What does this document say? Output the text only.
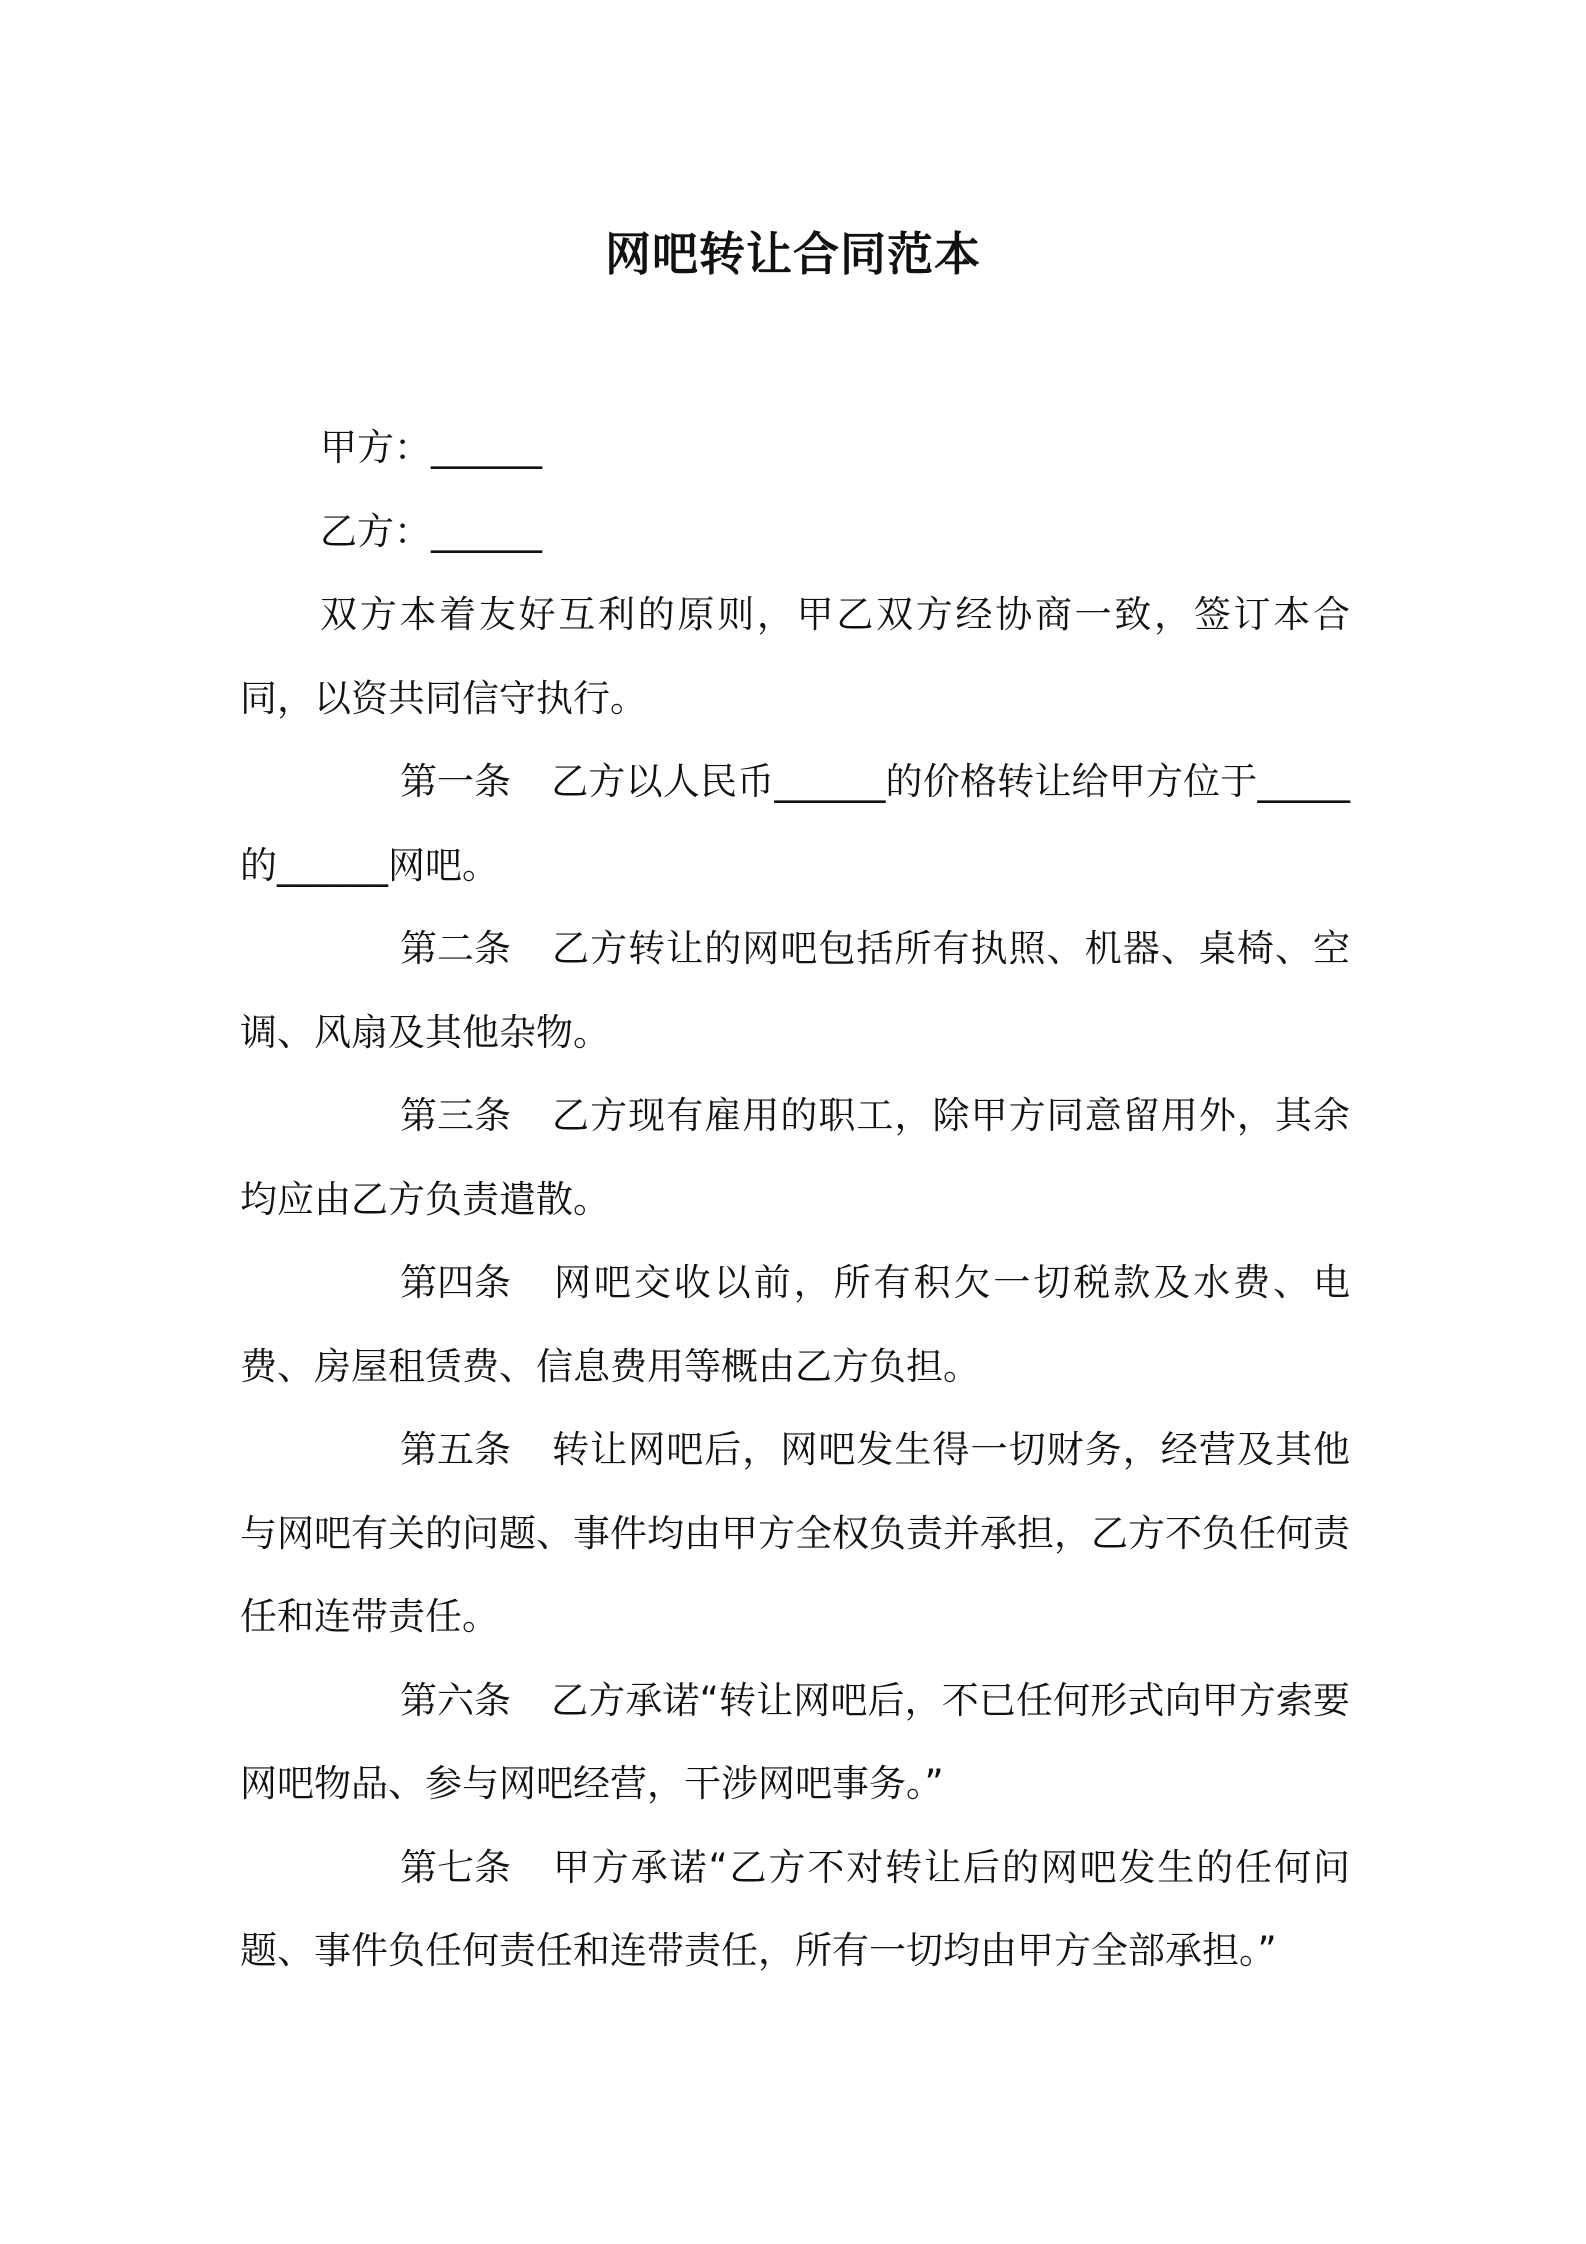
网吧转让合同范本

甲方：______

乙方：______

双方本着友好互利的原则，甲乙双方经协商一致，签订本合同，以资共同信守执行。

第一条 乙方以人民币______的价格转让给甲方位于_____的______网吧。

第二条 乙方转让的网吧包括所有执照、机器、桌椅、空调、风扇及其他杂物。

第三条 乙方现有雇用的职工，除甲方同意留用外，其余均应由乙方负责遣散。

第四条 网吧交收以前，所有积欠一切税款及水费、电费、房屋租赁费、信息费用等概由乙方负担。

第五条 转让网吧后，网吧发生得一切财务，经营及其他与网吧有关的问题、事件均由甲方全权负责并承担，乙方不负任何责任和连带责任。

第六条 乙方承诺“转让网吧后，不已任何形式向甲方索要网吧物品、参与网吧经营，干涉网吧事务。”

第七条 甲方承诺“乙方不对转让后的网吧发生的任何问题、事件负任何责任和连带责任，所有一切均由甲方全部承担。”
